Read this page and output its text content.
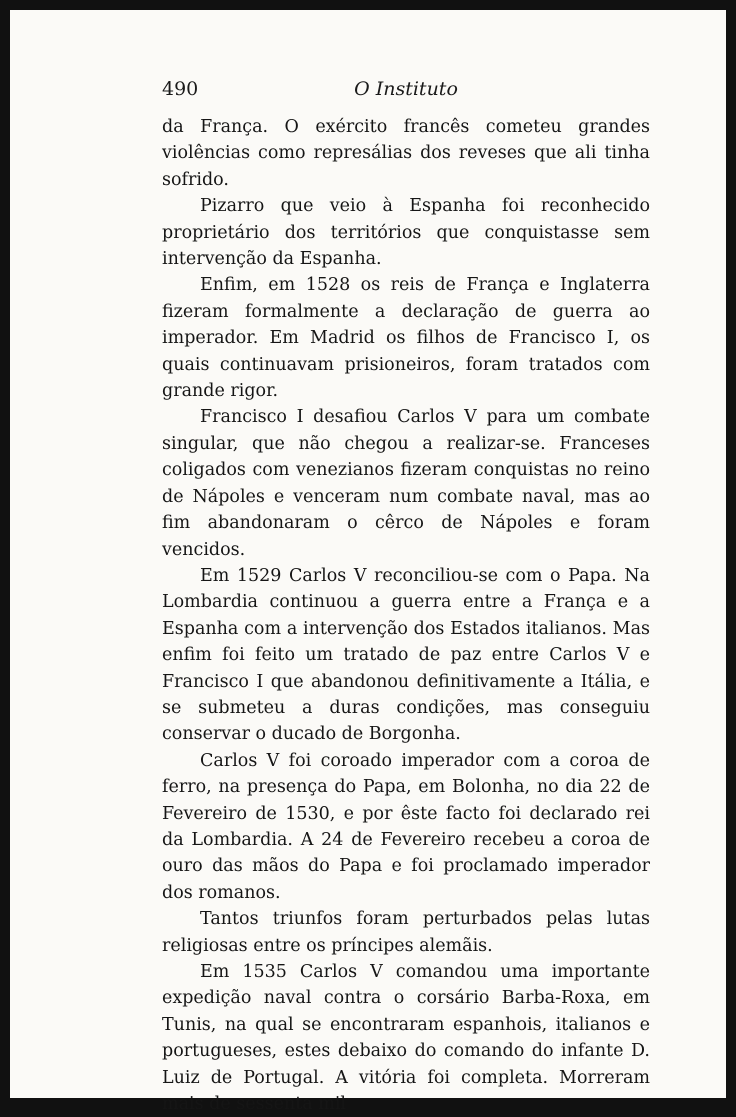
490	O Instituto

da França. O exército francês cometeu grandes violências como represálias dos reveses que ali tinha sofrido.

Pizarro que veio à Espanha foi reconhecido proprietário dos territórios que conquistasse sem intervenção da Espanha.

Enfim, em 1528 os reis de França e Inglaterra fizeram formalmente a declaração de guerra ao imperador. Em Madrid os filhos de Francisco I, os quais continuavam prisioneiros, foram tratados com grande rigor.

Francisco I desafiou Carlos V para um combate singular, que não chegou a realizar-se. Franceses coligados com venezianos fizeram conquistas no reino de Nápoles e venceram num combate naval, mas ao fim abandonaram o cêrco de Nápoles e foram vencidos.

Em 1529 Carlos V reconciliou-se com o Papa. Na Lombardia continuou a guerra entre a França e a Espanha com a intervenção dos Estados italianos. Mas enfim foi feito um tratado de paz entre Carlos V e Francisco I que abandonou definitivamente a Itália, e se submeteu a duras condições, mas conseguiu conservar o ducado de Borgonha.

Carlos V foi coroado imperador com a coroa de ferro, na presença do Papa, em Bolonha, no dia 22 de Fevereiro de 1530, e por êste facto foi declarado rei da Lombardia. A 24 de Fevereiro recebeu a coroa de ouro das mãos do Papa e foi proclamado imperador dos romanos.

Tantos triunfos foram perturbados pelas lutas religiosas entre os príncipes alemãis.

Em 1535 Carlos V comandou uma importante expedição naval contra o corsário Barba-Roxa, em Tunis, na qual se encontraram espanhois, italianos e portugueses, estes debaixo do comando do infante D. Luiz de Portugal. A vitória foi completa. Morreram mais de sessenta mil
